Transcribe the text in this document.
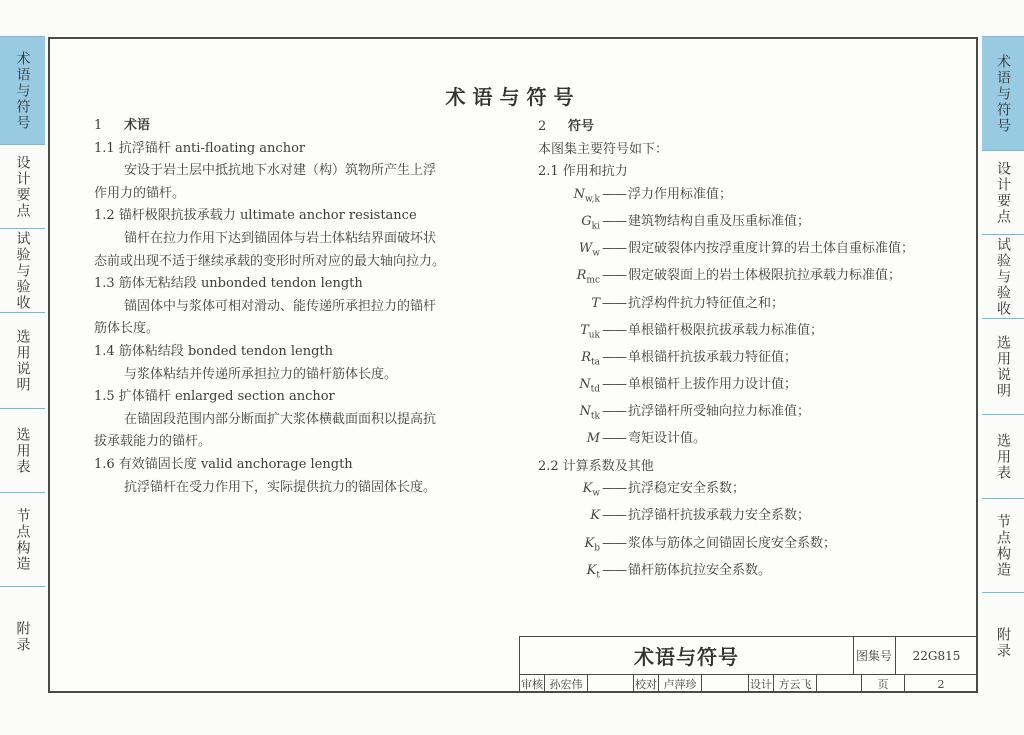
术语与符号
设计要点
试验与验收
选用说明
选用表
节点构造
附录
术语与符号
设计要点
试验与验收
选用说明
选用表
节点构造
附录
术语与符号
1 术语
1.1 抗浮锚杆 anti-floating anchor
安设于岩土层中抵抗地下水对建（构）筑物所产生上浮
作用力的锚杆。
1.2 锚杆极限抗拔承载力 ultimate anchor resistance
锚杆在拉力作用下达到锚固体与岩土体粘结界面破坏状
态前或出现不适于继续承载的变形时所对应的最大轴向拉力。
1.3 筋体无粘结段 unbonded tendon length
锚固体中与浆体可相对滑动、能传递所承担拉力的锚杆
筋体长度。
1.4 筋体粘结段 bonded tendon length
与浆体粘结并传递所承担拉力的锚杆筋体长度。
1.5 扩体锚杆 enlarged section anchor
在锚固段范围内部分断面扩大浆体横截面面积以提高抗
拔承载能力的锚杆。
1.6 有效锚固长度 valid anchorage length
抗浮锚杆在受力作用下，实际提供抗力的锚固体长度。
2 符号
本图集主要符号如下：
2.1 作用和抗力
$N_{w,k}$ —— 浮力作用标准值；
$G_{ki}$ —— 建筑物结构自重及压重标准值；
$W_w$ —— 假定破裂体内按浮重度计算的岩土体自重标准值；
$R_{mc}$ —— 假定破裂面上的岩土体极限抗拉承载力标准值；
T —— 抗浮构件抗力特征值之和；
$T_{uk}$ —— 单根锚杆极限抗拔承载力标准值；
$R_{ta}$ —— 单根锚杆抗拔承载力特征值；
$N_{td}$ —— 单根锚杆上拔作用力设计值；
$N_{tk}$ —— 抗浮锚杆所受轴向拉力标准值；
M —— 弯矩设计值。
2.2 计算系数及其他
$K_w$ —— 抗浮稳定安全系数；
K —— 抗浮锚杆抗拔承载力安全系数；
$K_b$ —— 浆体与筋体之间锚固长度安全系数；
$K_t$ —— 锚杆筋体抗拉安全系数。
术语与符号	图集号	22G815
审核 孙宏伟	校对 卢萍珍	设计 方云飞	页	2
